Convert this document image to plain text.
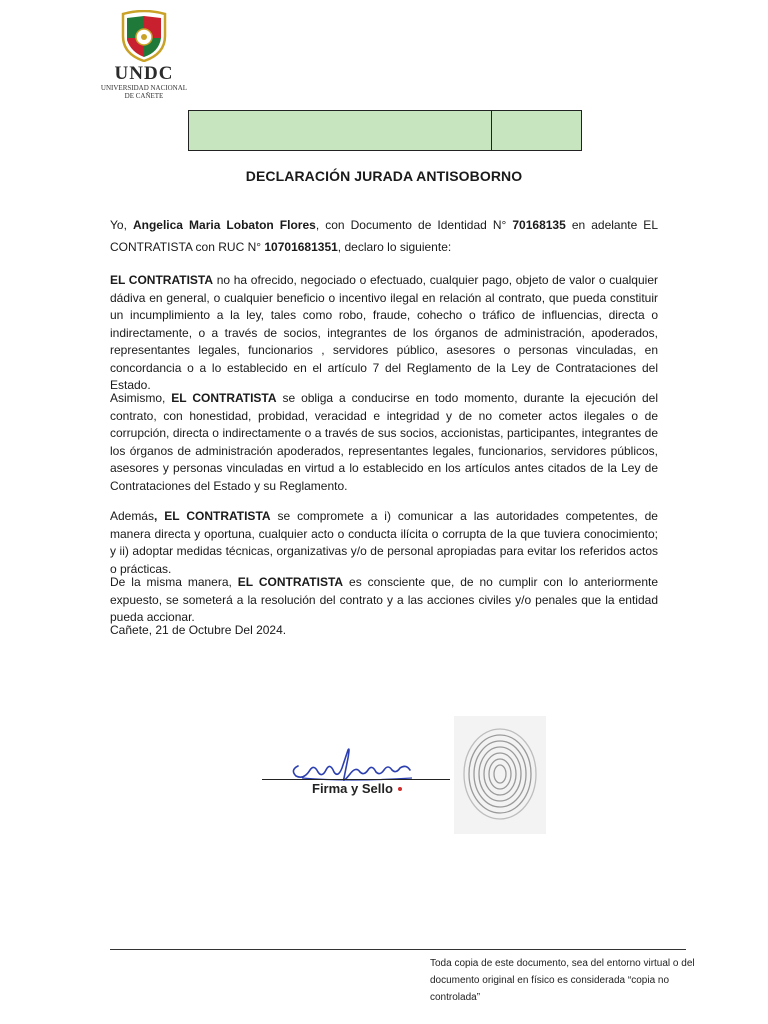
UNDC
UNIVERSIDAD NACIONAL
DE CAÑETE
DECLARACIÓN JURADA ANTISOBORNO
Yo, Angelica Maria Lobaton Flores, con Documento de Identidad N° 70168135 en adelante EL CONTRATISTA con RUC N° 10701681351, declaro lo siguiente:
EL CONTRATISTA no ha ofrecido, negociado o efectuado, cualquier pago, objeto de valor o cualquier dádiva en general, o cualquier beneficio o incentivo ilegal en relación al contrato, que pueda constituir un incumplimiento a la ley, tales como robo, fraude, cohecho o tráfico de influencias, directa o indirectamente, o a través de socios, integrantes de los órganos de administración, apoderados, representantes legales, funcionarios , servidores público, asesores o personas vinculadas, en concordancia o a lo establecido en el artículo 7 del Reglamento de la Ley de Contrataciones del Estado.
Asimismo, EL CONTRATISTA se obliga a conducirse en todo momento, durante la ejecución del contrato, con honestidad, probidad, veracidad e integridad y de no cometer actos ilegales o de corrupción, directa o indirectamente o a través de sus socios, accionistas, participantes, integrantes de los órganos de administración apoderados, representantes legales, funcionarios, servidores públicos, asesores y personas vinculadas en virtud a lo establecido en los artículos antes citados de la Ley de Contrataciones del Estado y su Reglamento.
Además, EL CONTRATISTA se compromete a i) comunicar a las autoridades competentes, de manera directa y oportuna, cualquier acto o conducta ilícita o corrupta de la que tuviera conocimiento; y ii) adoptar medidas técnicas, organizativas y/o de personal apropiadas para evitar los referidos actos o prácticas.
De la misma manera, EL CONTRATISTA es consciente que, de no cumplir con lo anteriormente expuesto, se someterá a la resolución del contrato y a las acciones civiles y/o penales que la entidad pueda accionar.
Cañete, 21 de Octubre Del 2024.
Firma y Sello
Toda copia de este documento, sea del entorno virtual o del documento original en físico es considerada “copia no controlada”
